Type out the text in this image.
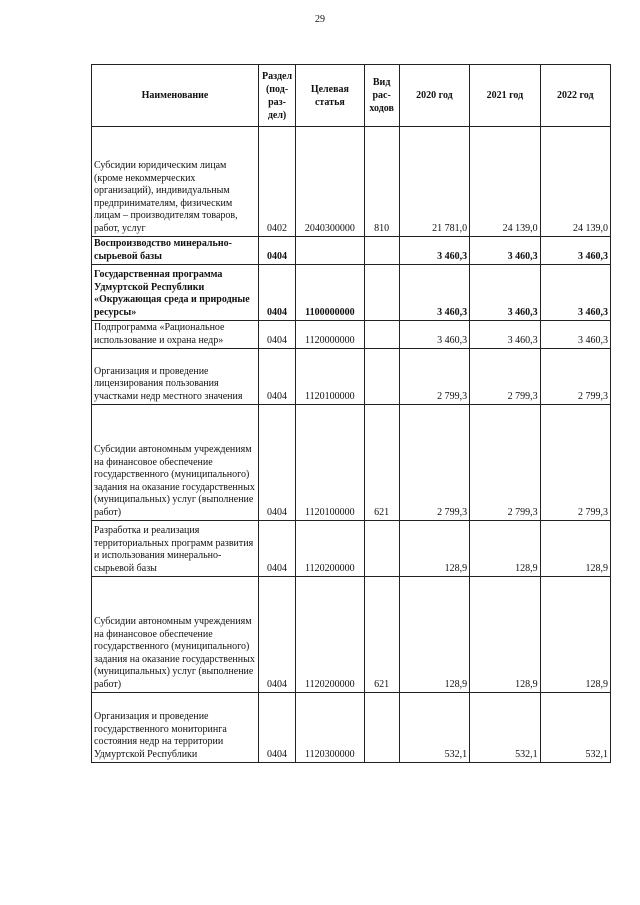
29
Наименование	Раздел (под-раз-дел)	Целевая статья	Вид рас-ходов	2020 год	2021 год	2022 год
Субсидии юридическим лицам (кроме некоммерческих организаций), индивидуальным предпринимателям, физическим лицам – производителям товаров, работ, услуг	0402	2040300000	810	21 781,0	24 139,0	24 139,0
Воспроизводство минерально-сырьевой базы	0404			3 460,3	3 460,3	3 460,3
Государственная программа Удмуртской Республики «Окружающая среда и природные ресурсы»	0404	1100000000		3 460,3	3 460,3	3 460,3
Подпрограмма «Рациональное использование и охрана недр»	0404	1120000000		3 460,3	3 460,3	3 460,3
Организация и проведение лицензирования пользования участками недр местного значения	0404	1120100000		2 799,3	2 799,3	2 799,3
Субсидии автономным учреждениям на финансовое обеспечение государственного (муниципального) задания на оказание государственных (муниципальных) услуг (выполнение работ)	0404	1120100000	621	2 799,3	2 799,3	2 799,3
Разработка и реализация территориальных программ развития и использования минерально-сырьевой базы	0404	1120200000		128,9	128,9	128,9
Субсидии автономным учреждениям на финансовое обеспечение государственного (муниципального) задания на оказание государственных (муниципальных) услуг (выполнение работ)	0404	1120200000	621	128,9	128,9	128,9
Организация и проведение государственного мониторинга состояния недр на территории Удмуртской Республики	0404	1120300000		532,1	532,1	532,1
